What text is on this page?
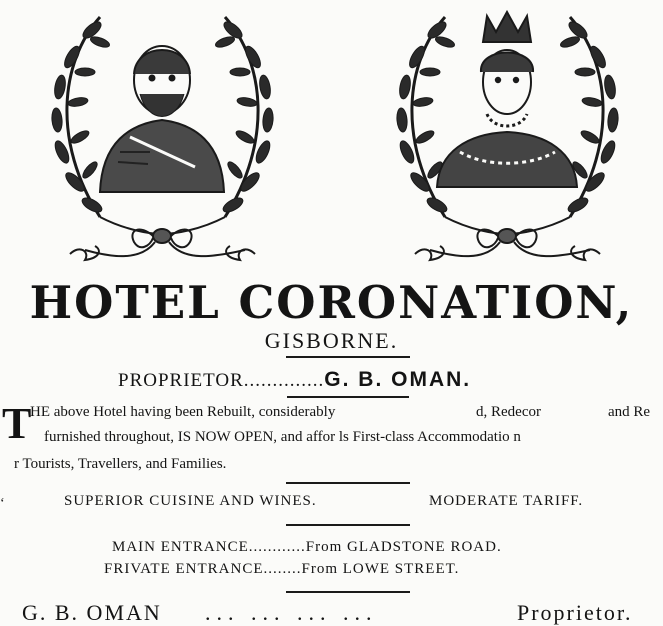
HOTEL CORONATION,
GISBORNE.
PROPRIETOR..............G. B. OMAN.
T
HE above Hotel having been Rebuilt, considerably	d, Redecor	and Re
furnished throughout, IS NOW OPEN, and affor ls First-class Accommodatio n
r Tourists, Travellers, and Families.
ʻ	SUPERIOR CUISINE AND WINES.	MODERATE TARIFF.
MAIN ENTRANCE............From GLADSTONE ROAD.
FRIVATE ENTRANCE........From LOWE STREET.
G. B. OMAN ... ... ... ...	Proprietor.
